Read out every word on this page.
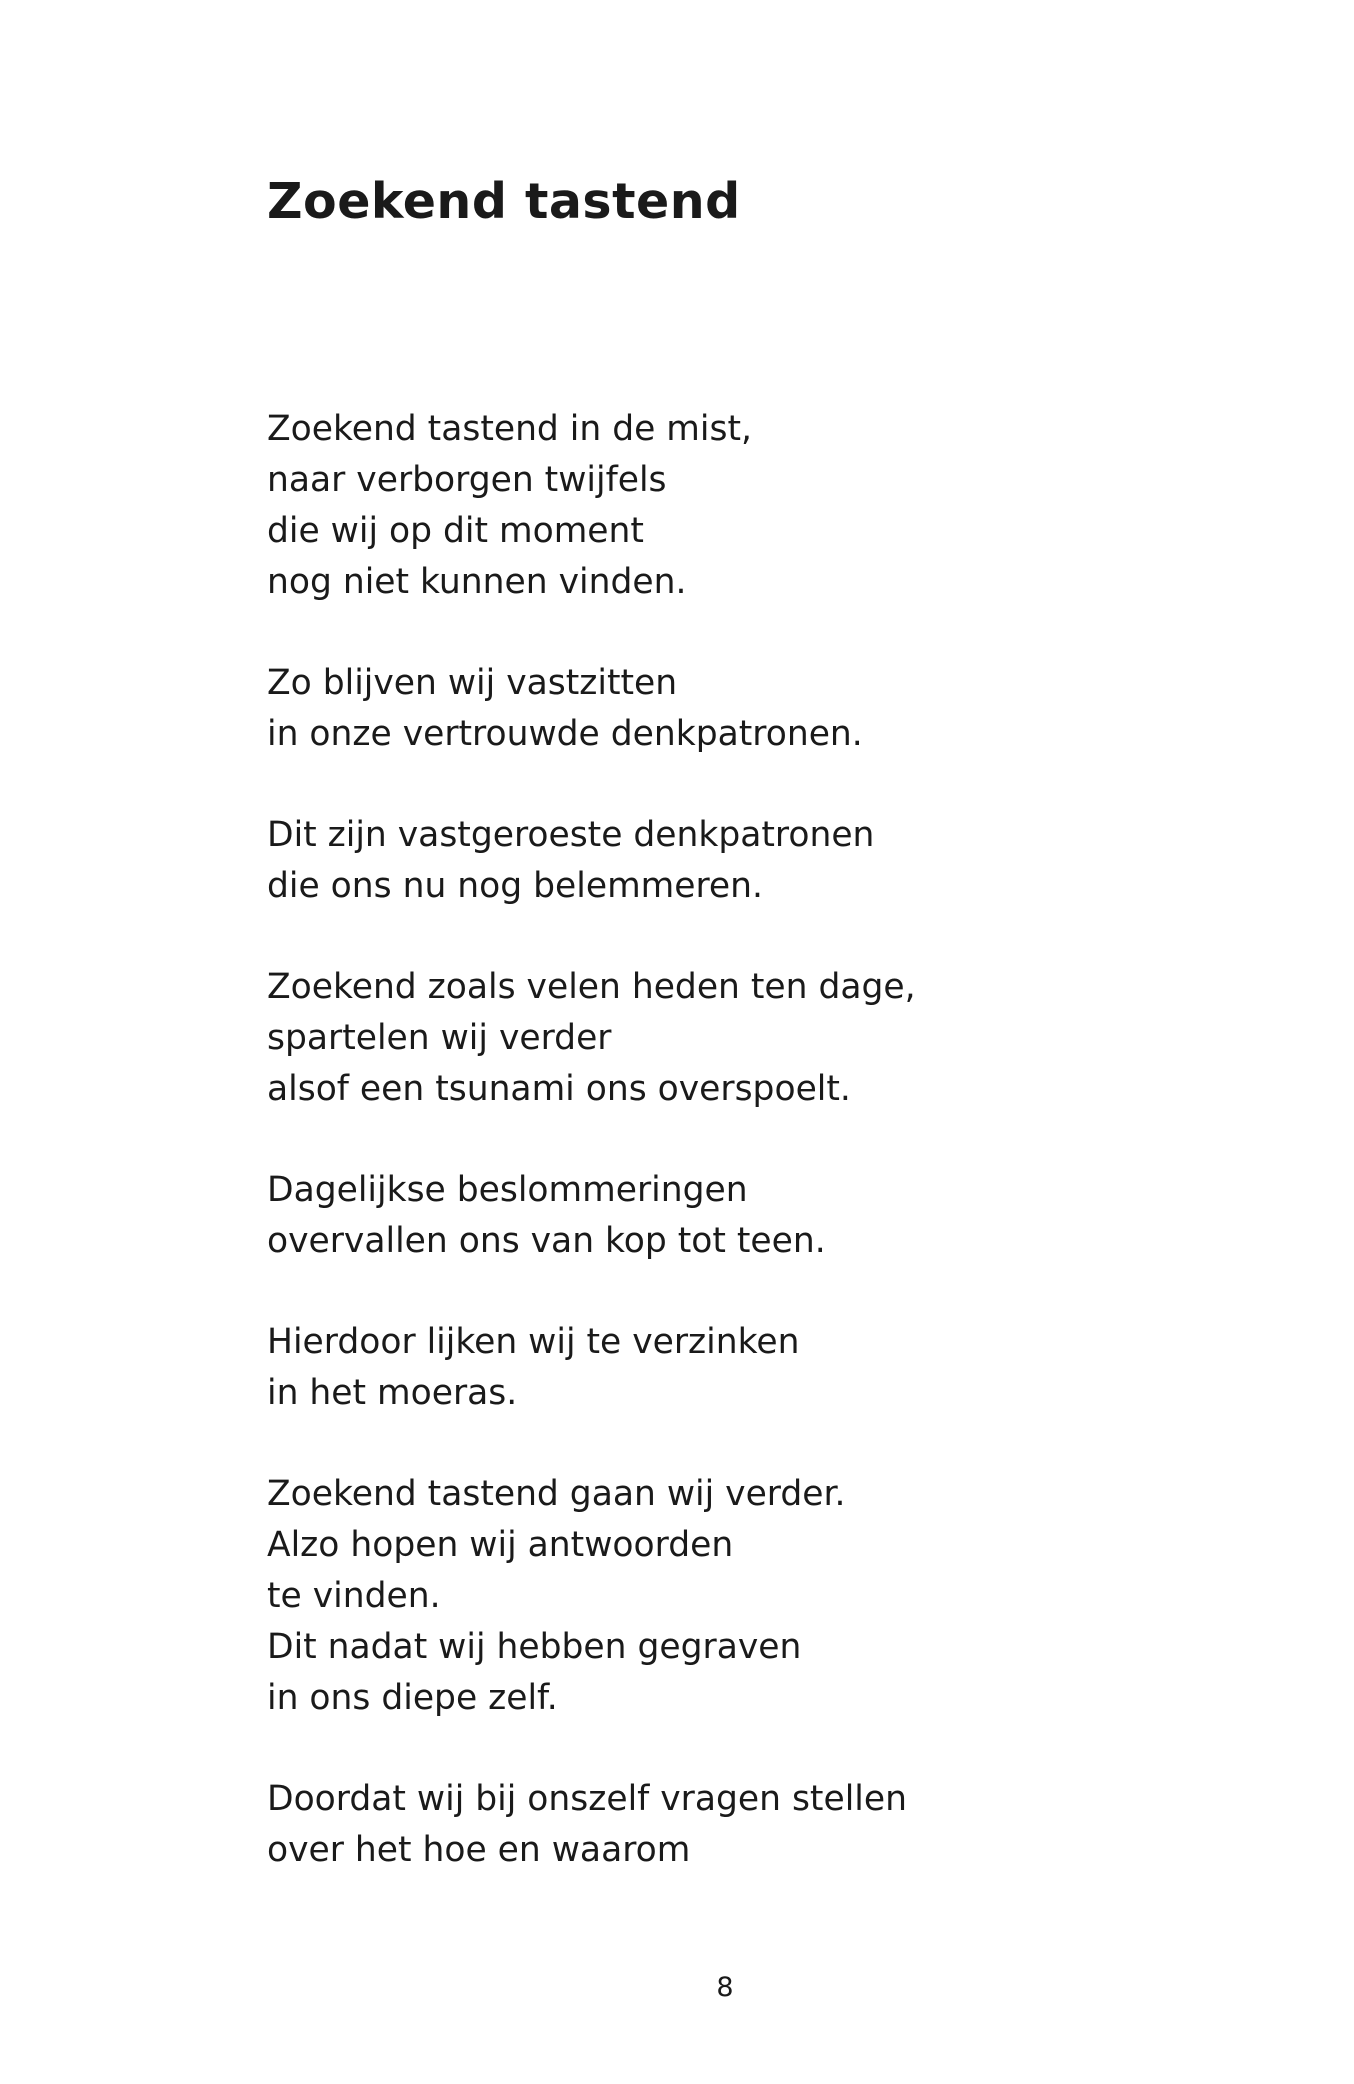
Zoekend tastend
Zoekend tastend in de mist,
naar verborgen twijfels
die wij op dit moment
nog niet kunnen vinden.
Zo blijven wij vastzitten
in onze vertrouwde denkpatronen.
Dit zijn vastgeroeste denkpatronen
die ons nu nog belemmeren.
Zoekend zoals velen heden ten dage,
spartelen wij verder
alsof een tsunami ons overspoelt.
Dagelijkse beslommeringen
overvallen ons van kop tot teen.
Hierdoor lijken wij te verzinken
in het moeras.
Zoekend tastend gaan wij verder.
Alzo hopen wij antwoorden
te vinden.
Dit nadat wij hebben gegraven
in ons diepe zelf.
Doordat wij bij onszelf vragen stellen
over het hoe en waarom
8
